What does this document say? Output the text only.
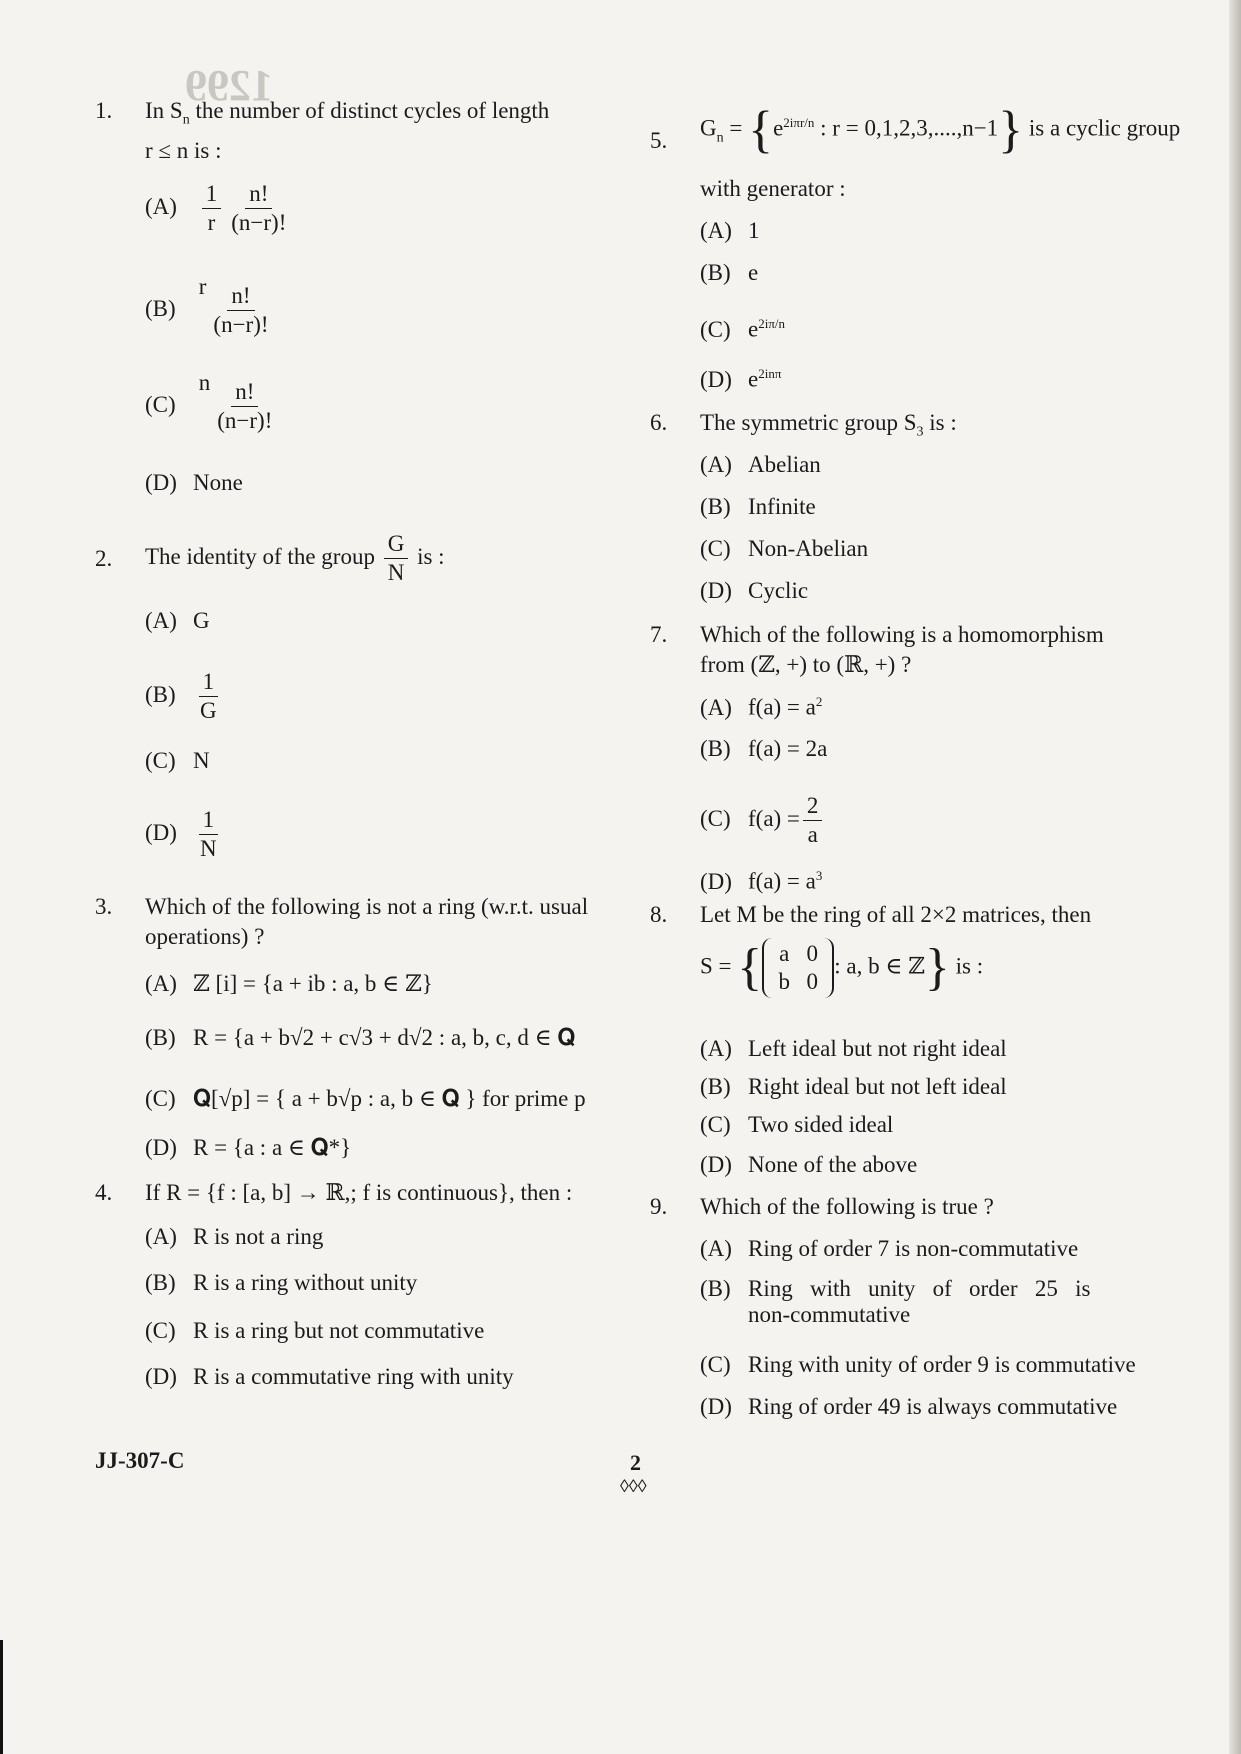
1299
1. In $S_n$ the number of distinct cycles of length
r ≤ n is :
$(A) \frac{1}{r} \frac{n!}{(n-r)!}$
(B) r $\frac{n!}{(n-r)!}$
(C) n $\frac{n!}{(n-r)!}$
(D) None
2. The identity of the group $\frac{G}{N}$ is :
(A) G
$(B) \frac{1}{G}$
(C) N
$(D) \frac{1}{N}$
3. Which of the following is not a ring (w.r.t. usual
operations) ?
(A) ℤ [i] = {a + ib : a, b ∈ ℤ}
(B) R = {a + b√2 + c√3 + d√2 : a, b, c, d ∈ 𝐐
(C) 𝐐[√p] = { a + b√p : a, b ∈ 𝐐 } for prime p
(D) R = {a : a ∈ 𝐐*}
4. If R = {f : [a, b] → ℝ,; f is continuous}, then :
(A) R is not a ring
(B) R is a ring without unity
(C) R is a ring but not commutative
(D) R is a commutative ring with unity
5. $G_n = \{e^{2i\pi r/n}$ : r = 0,1,2,3,....,n−1} is a cyclic group
with generator :
(A) 1
(B) e
(C) $e^{2i\pi/n}$
(D) $e^{2in\pi}$
6. The symmetric group $S_3$ is :
(A) Abelian
(B) Infinite
(C) Non-Abelian
(D) Cyclic
7. Which of the following is a homomorphism
from (ℤ, +) to (ℝ, +) ?
(A) $f(a) = a^2$
(B) f(a) = 2a
(C) $f(a) = \frac{2}{a}$
(D) $f(a) = a^3$
8. Let M be the ring of all 2×2 matrices, then
S = { a 0
b 0
: a, b ∈ ℤ} is :
(A) Left ideal but not right ideal
(B) Right ideal but not left ideal
(C) Two sided ideal
(D) None of the above
9. Which of the following is true ?
(A) Ring of order 7 is non-commutative
(B) Ring   with   unity   of   order   25   is
non-commutative
(C) Ring with unity of order 9 is commutative
(D) Ring of order 49 is always commutative
JJ-307-C	2
◊◊◊
